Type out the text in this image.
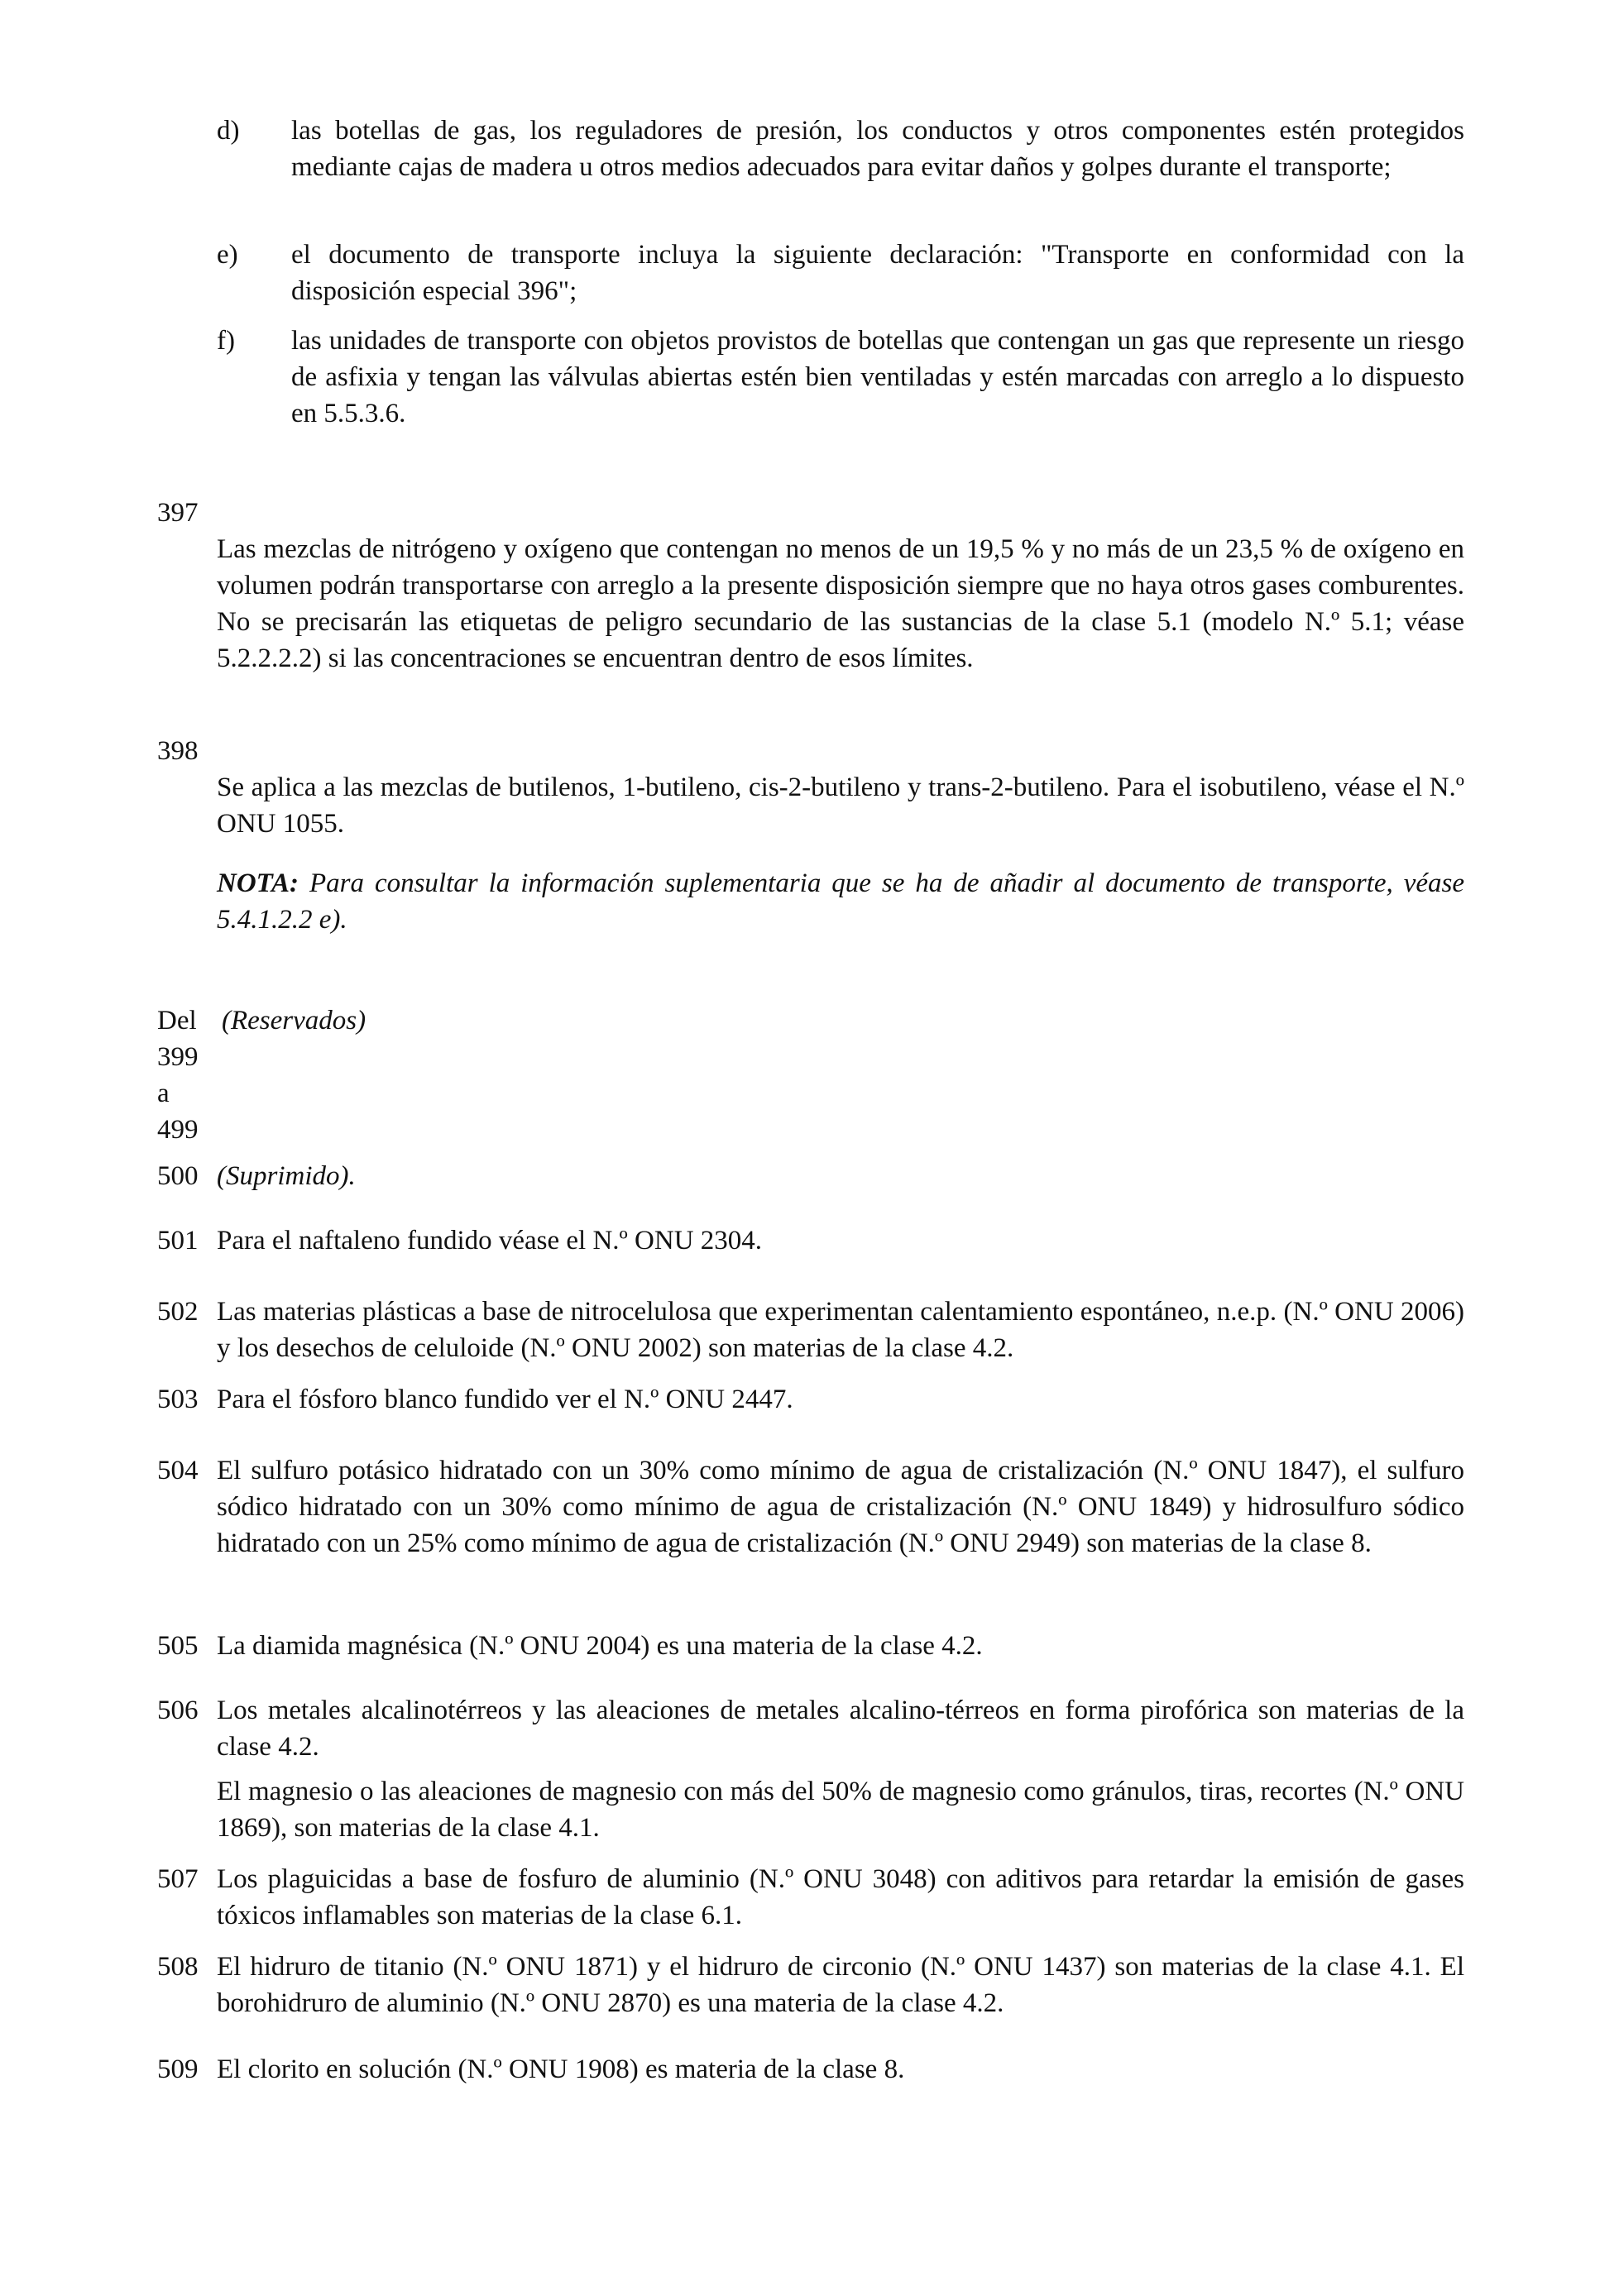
d) las botellas de gas, los reguladores de presión, los conductos y otros componentes estén protegidos mediante cajas de madera u otros medios adecuados para evitar daños y golpes durante el transporte;
e) el documento de transporte incluya la siguiente declaración: "Transporte en conformidad con la disposición especial 396";
f) las unidades de transporte con objetos provistos de botellas que contengan un gas que represente un riesgo de asfixia y tengan las válvulas abiertas estén bien ventiladas y estén marcadas con arreglo a lo dispuesto en 5.5.3.6.
397
Las mezclas de nitrógeno y oxígeno que contengan no menos de un 19,5 % y no más de un 23,5 % de oxígeno en volumen podrán transportarse con arreglo a la presente disposición siempre que no haya otros gases comburentes. No se precisarán las etiquetas de peligro secundario de las sustancias de la clase 5.1 (modelo N.º 5.1; véase 5.2.2.2.2) si las concentraciones se encuentran dentro de esos límites.
398
Se aplica a las mezclas de butilenos, 1-butileno, cis-2-butileno y trans-2-butileno. Para el isobutileno, véase el N.º ONU 1055.
NOTA: Para consultar la información suplementaria que se ha de añadir al documento de transporte, véase 5.4.1.2.2 e).
Del
399
a
499
(Reservados)
500 (Suprimido).
501 Para el naftaleno fundido véase el N.º ONU 2304.
502 Las materias plásticas a base de nitrocelulosa que experimentan calentamiento espontáneo, n.e.p. (N.º ONU 2006) y los desechos de celuloide (N.º ONU 2002) son materias de la clase 4.2.
503 Para el fósforo blanco fundido ver el N.º ONU 2447.
504 El sulfuro potásico hidratado con un 30% como mínimo de agua de cristalización (N.º ONU 1847), el sulfuro sódico hidratado con un 30% como mínimo de agua de cristalización (N.º ONU 1849) y hidrosulfuro sódico hidratado con un 25% como mínimo de agua de cristalización (N.º ONU 2949) son materias de la clase 8.
505 La diamida magnésica (N.º ONU 2004) es una materia de la clase 4.2.
506 Los metales alcalinotérreos y las aleaciones de metales alcalino-térreos en forma pirofórica son materias de la clase 4.2.
El magnesio o las aleaciones de magnesio con más del 50% de magnesio como gránulos, tiras, recortes (N.º ONU 1869), son materias de la clase 4.1.
507 Los plaguicidas a base de fosfuro de aluminio (N.º ONU 3048) con aditivos para retardar la emisión de gases tóxicos inflamables son materias de la clase 6.1.
508 El hidruro de titanio (N.º ONU 1871) y el hidruro de circonio (N.º ONU 1437) son materias de la clase 4.1. El borohidruro de aluminio (N.º ONU 2870) es una materia de la clase 4.2.
509 El clorito en solución (N.º ONU 1908) es materia de la clase 8.
